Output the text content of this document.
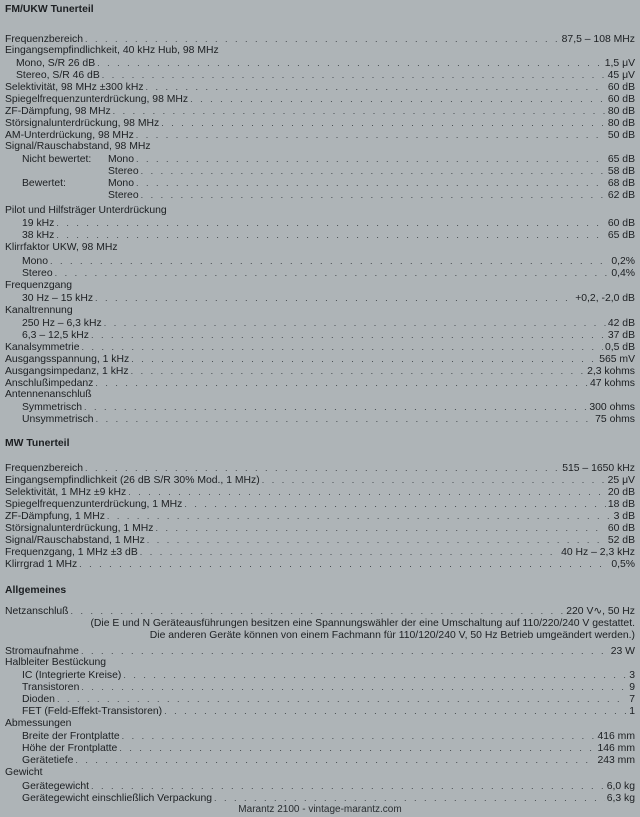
FM/UKW Tunerteil
Frequenzbereich . . .	87,5 – 108 MHz
Eingangsempfindlichkeit, 40 kHz Hub, 98 MHz
Mono, S/R 26 dB . . .	1,5 μV
Stereo, S/R 46 dB . . .	45 μV
Selektivität, 98 MHz ±300 kHz . . .	60 dB
Spiegelfrequenzunterdrückung, 98 MHz . . .	60 dB
ZF-Dämpfung, 98 MHz . . .	80 dB
Störsignalunterdrückung, 98 MHz . . .	80 dB
AM-Unterdrückung, 98 MHz . . .	50 dB
Signal/Rauschabstand, 98 MHz
Nicht bewertet:	Mono . . .	65 dB
Stereo . . .	58 dB
Bewertet:	Mono . . .	68 dB
Stereo . . .	62 dB
Pilot und Hilfsträger Unterdrückung
19 kHz . . .	60 dB
38 kHz . . .	65 dB
Klirrfaktor UKW, 98 MHz
Mono . . .	0,2%
Stereo . . .	0,4%
Frequenzgang
30 Hz – 15 kHz . . .	+0,2, -2,0 dB
Kanaltrennung
250 Hz – 6,3 kHz . . .	42 dB
6,3 – 12,5 kHz . . .	37 dB
Kanalsymmetrie . . .	0,5 dB
Ausgangsspannung, 1 kHz . . .	565 mV
Ausgangsimpedanz, 1 kHz . . .	2,3 kohms
Anschlußimpedanz . . .	47 kohms
Antennenanschluß
Symmetrisch . . .	300 ohms
Unsymmetrisch . . .	75 ohms
MW Tunerteil
Frequenzbereich . . .	515 – 1650 kHz
Eingangsempfindlichkeit (26 dB S/R 30% Mod., 1 MHz) . . .	25 μV
Selektivität, 1 MHz ±9 kHz . . .	20 dB
Spiegelfrequenzunterdrückung, 1 MHz . . .	18 dB
ZF-Dämpfung, 1 MHz . . .	3 dB
Störsignalunterdrückung, 1 MHz . . .	60 dB
Signal/Rauschabstand, 1 MHz . . .	52 dB
Frequenzgang, 1 MHz ±3 dB . . .	40 Hz – 2,3 kHz
Klirrgrad 1 MHz . . .	0,5%
Allgemeines
Netzanschluß . . .	220 V∿, 50 Hz
(Die E und N Geräteausführungen besitzen eine Spannungswähler der eine Umschaltung auf 110/220/240 V gestattet.
Die anderen Geräte können von einem Fachmann für 110/120/240 V, 50 Hz Betrieb umgeändert werden.)
Stromaufnahme . . .	23 W
Halbleiter Bestückung
IC (Integrierte Kreise) . . .	3
Transistoren . . .	9
Dioden . . .	7
FET (Feld-Effekt-Transistoren) . . .	1
Abmessungen
Breite der Frontplatte . . .	416 mm
Höhe der Frontplatte . . .	146 mm
Gerätetiefe . . .	243 mm
Gewicht
Gerätegewicht . . .	6,0 kg
Gerätegewicht einschließlich Verpackung . . .	6,3 kg
Marantz 2100 - vintage-marantz.com
